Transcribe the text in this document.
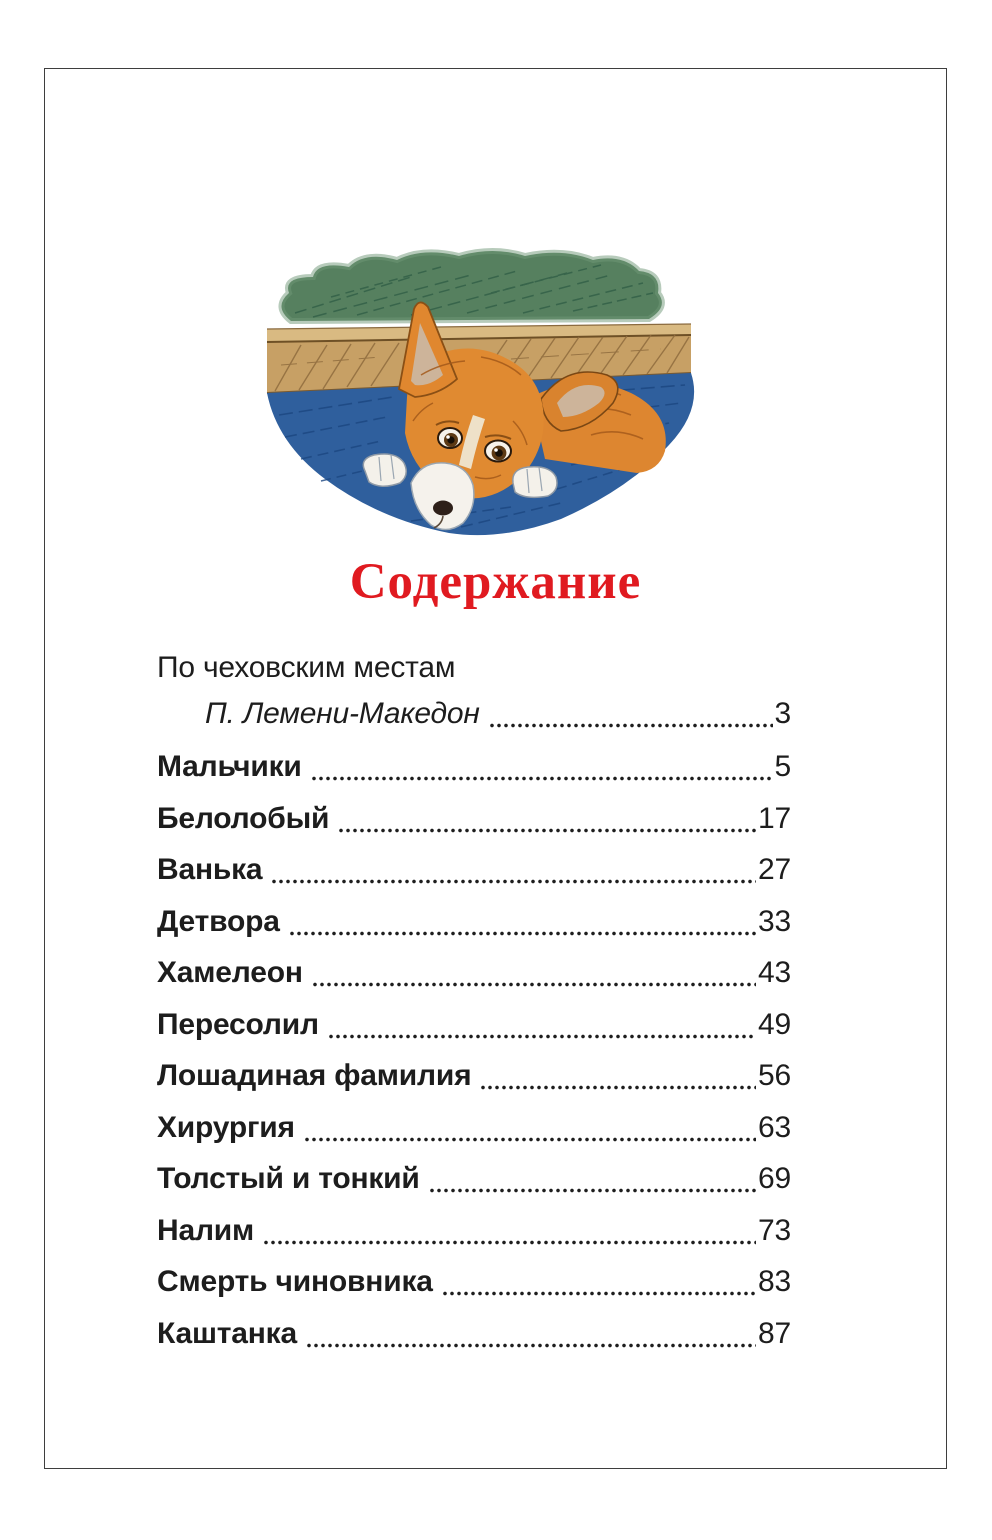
Содержание
По чеховским местам
П. Лемени-Македон	3
Мальчики	5
Белолобый	17
Ванька	27
Детвора	33
Хамелеон	43
Пересолил	49
Лошадиная фамилия	56
Хирургия	63
Толстый и тонкий	69
Налим	73
Смерть чиновника	83
Каштанка	87
